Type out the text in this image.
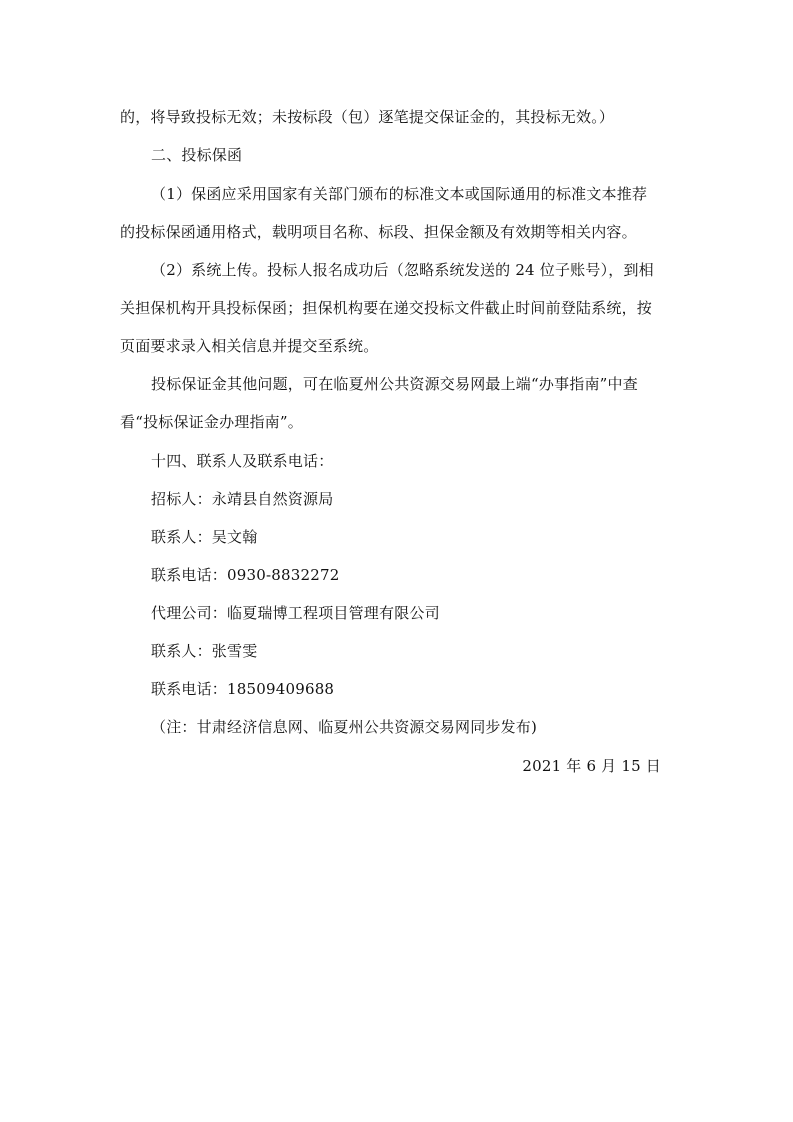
的，将导致投标无效；未按标段（包）逐笔提交保证金的，其投标无效。）
二、投标保函
（1）保函应采用国家有关部门颁布的标准文本或国际通用的标准文本推荐
的投标保函通用格式，载明项目名称、标段、担保金额及有效期等相关内容。
（2）系统上传。投标人报名成功后（忽略系统发送的 24 位子账号），到相
关担保机构开具投标保函；担保机构要在递交投标文件截止时间前登陆系统，按
页面要求录入相关信息并提交至系统。
投标保证金其他问题，可在临夏州公共资源交易网最上端“办事指南”中查
看“投标保证金办理指南”。
十四、联系人及联系电话：
招标人：永靖县自然资源局
联系人：吴文翰
联系电话：0930-8832272
代理公司：临夏瑞博工程项目管理有限公司
联系人：张雪雯
联系电话：18509409688
（注：甘肃经济信息网、临夏州公共资源交易网同步发布)
2021 年 6 月 15 日
